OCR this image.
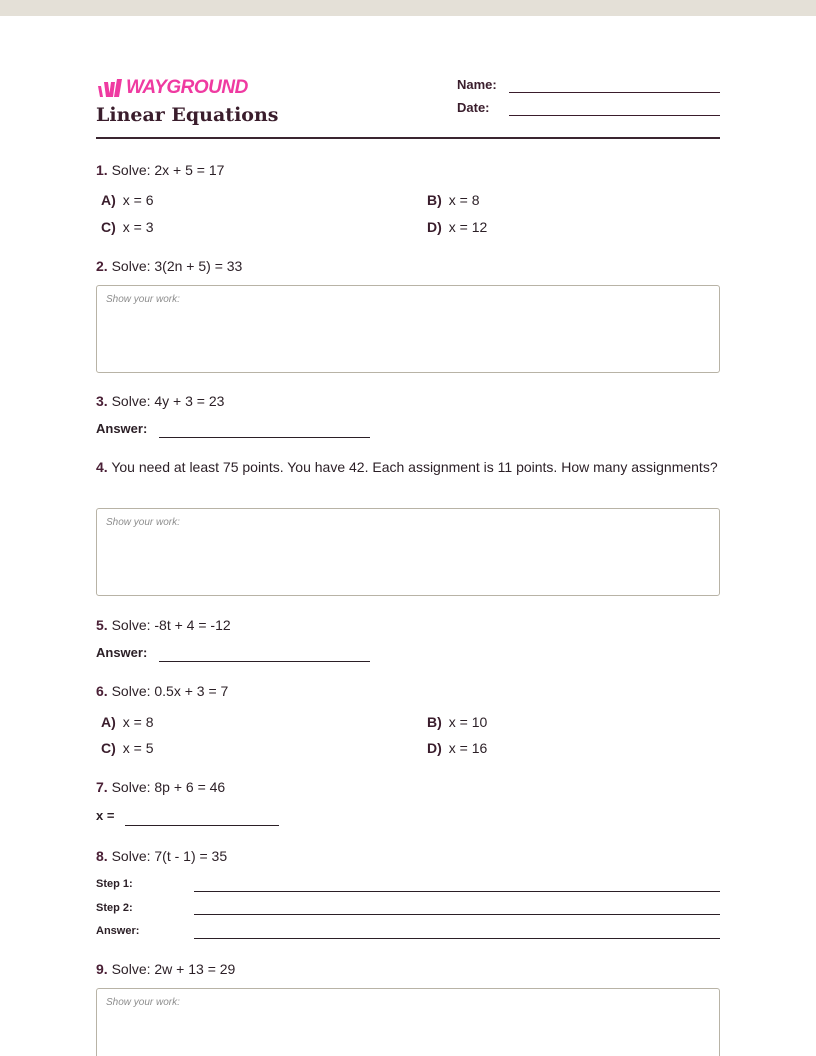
WAYGROUND
Linear Equations
Name:
Date:
1. Solve: 2x + 5 = 17
A) x = 6	B) x = 8
C) x = 3	D) x = 12
2. Solve: 3(2n + 5) = 33
Show your work:
3. Solve: 4y + 3 = 23
Answer:
4. You need at least 75 points. You have 42. Each assignment is 11 points. How many assignments?
Show your work:
5. Solve: -8t + 4 = -12
Answer:
6. Solve: 0.5x + 3 = 7
A) x = 8	B) x = 10
C) x = 5	D) x = 16
7. Solve: 8p + 6 = 46
x =
8. Solve: 7(t - 1) = 35
Step 1:
Step 2:
Answer:
9. Solve: 2w + 13 = 29
Show your work:
